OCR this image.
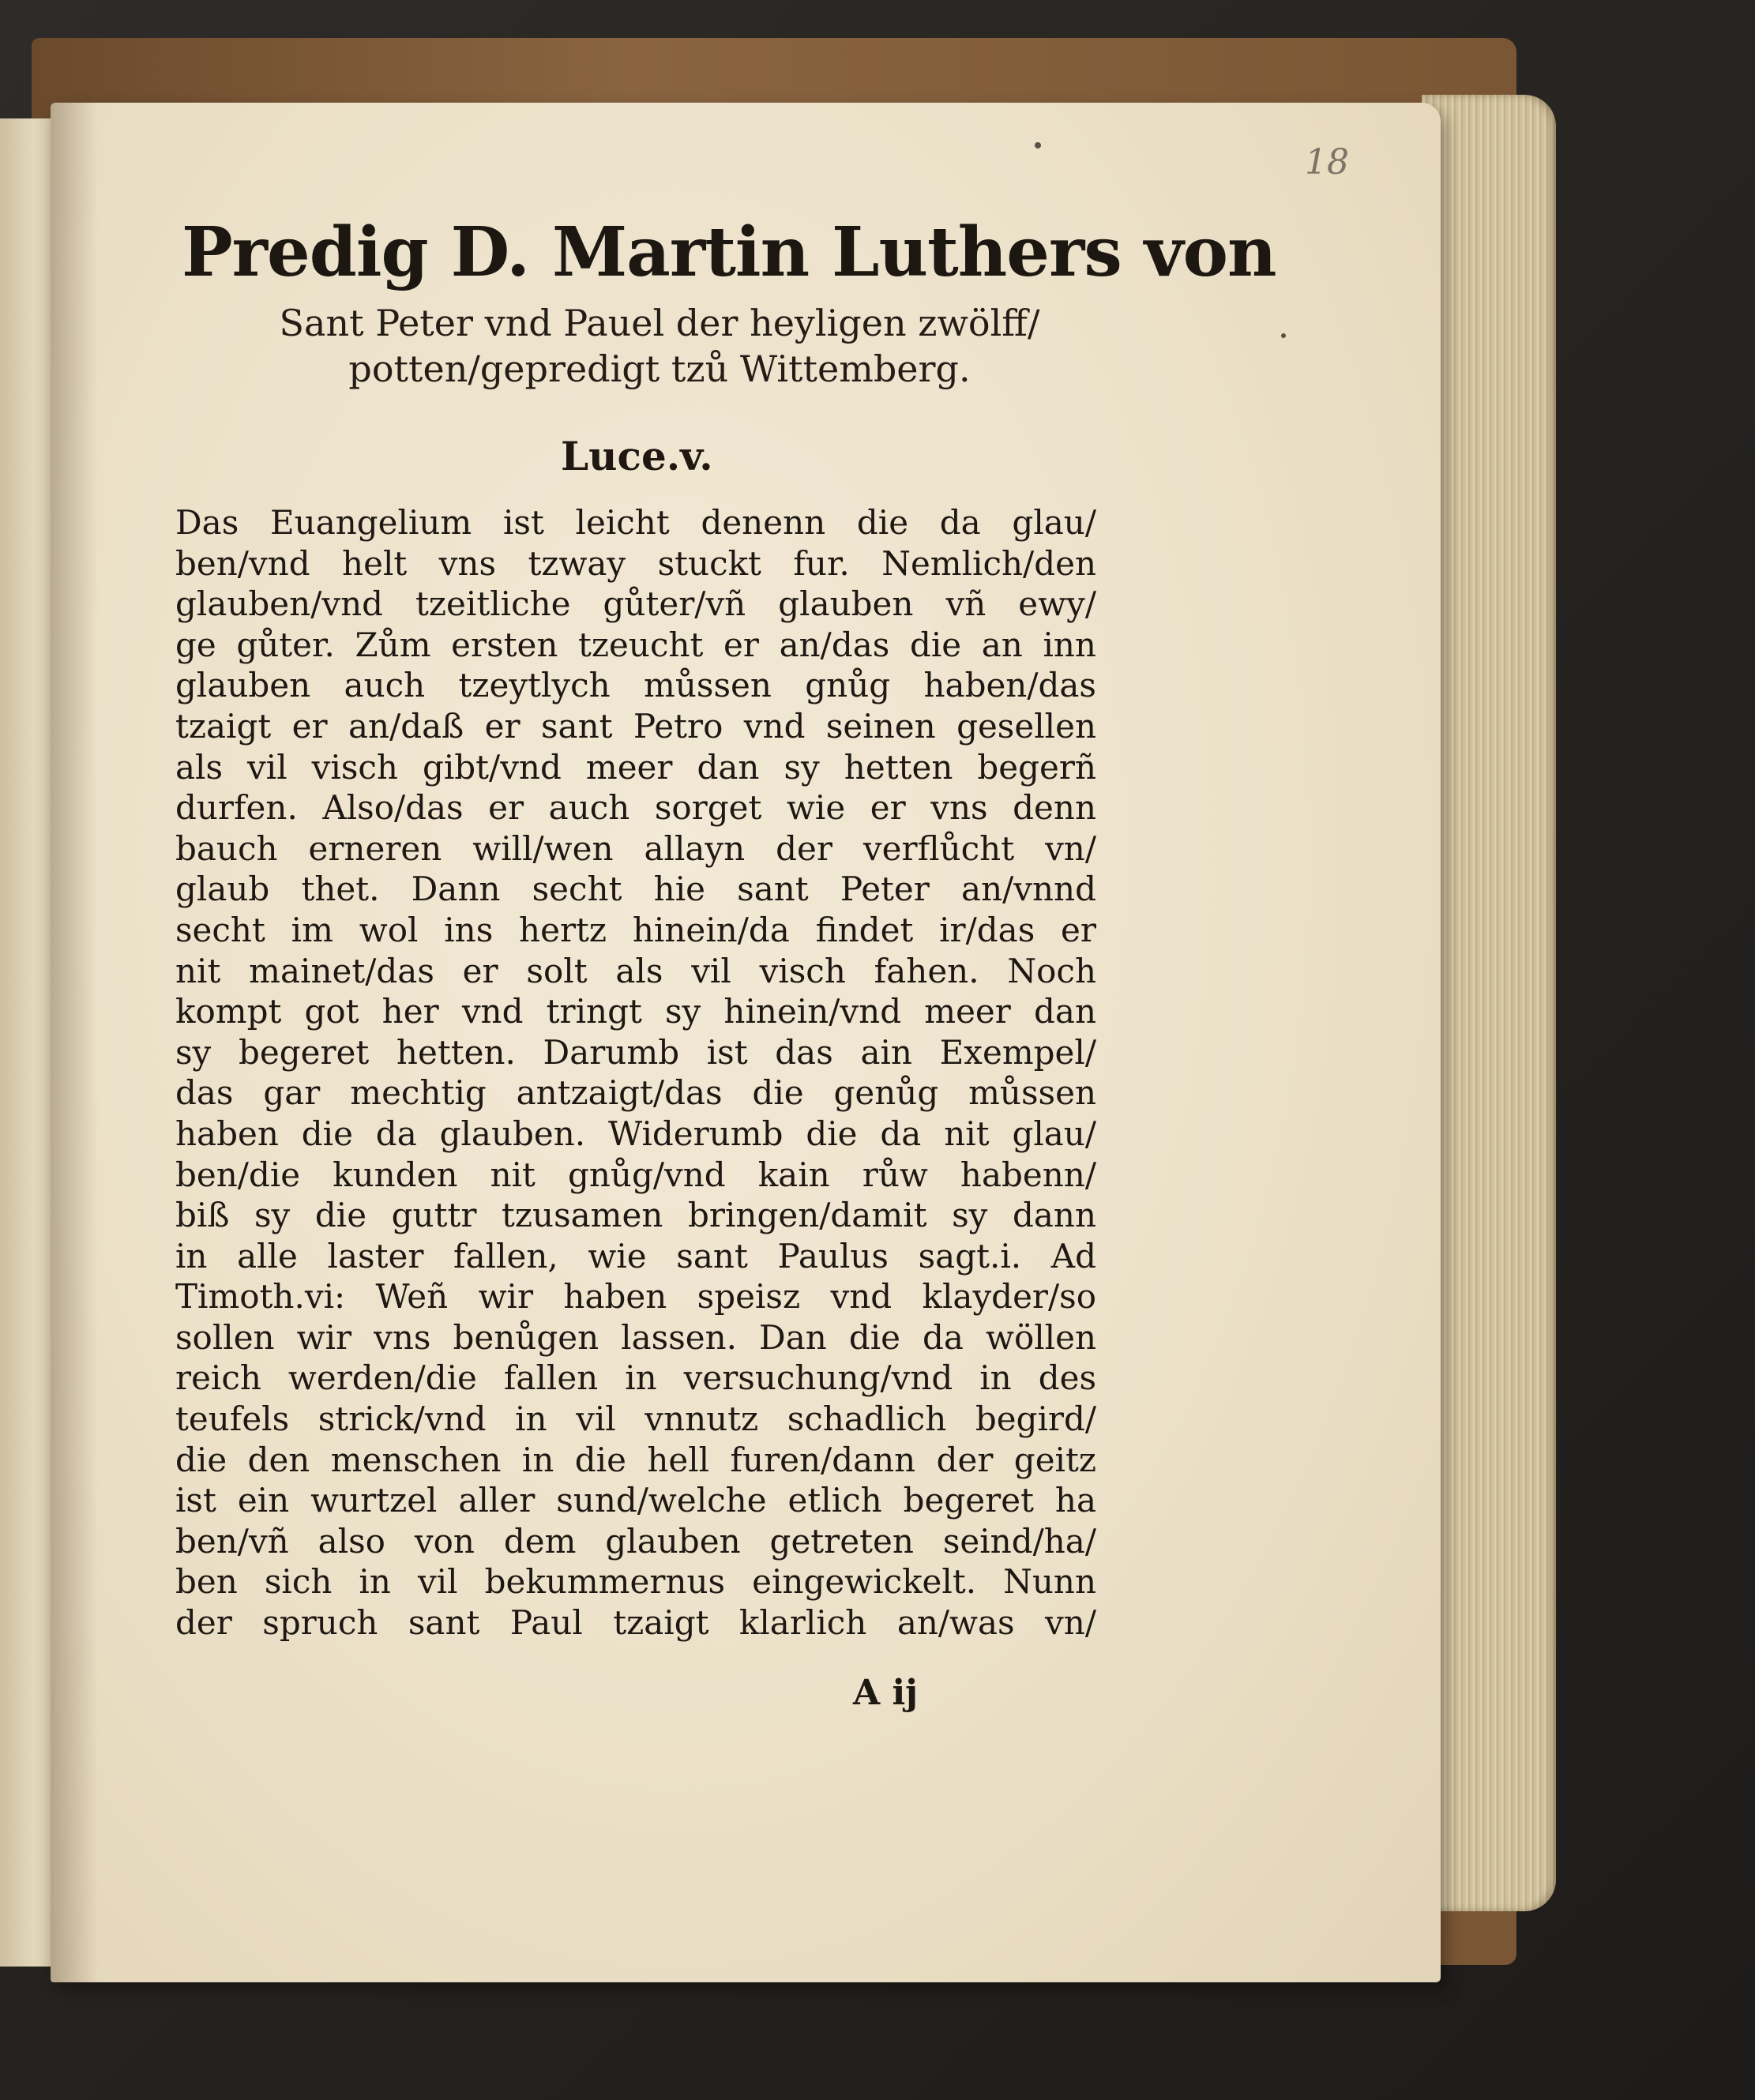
18
Predig D. Martin Luthers von
Sant Peter vnd Pauel der heyligen zwölff/
potten/gepredigt tzů Wittemberg.
Luce.v.
Das Euangelium ist leicht denenn die da glau/
ben/vnd helt vns tzway stuckt fur. Nemlich/den
glauben/vnd tzeitliche gůter/vñ glauben vñ ewy/
ge gůter. Zům ersten tzeucht er an/das die an inn
glauben auch tzeytlych můssen gnůg haben/das
tzaigt er an/daß er sant Petro vnd seinen gesellen
als vil visch gibt/vnd meer dan sy hetten begerñ
durfen. Also/das er auch sorget wie er vns denn
bauch erneren will/wen allayn der verflůcht vn/
glaub thet. Dann secht hie sant Peter an/vnnd
secht im wol ins hertz hinein/da findet ir/das er
nit mainet/das er solt als vil visch fahen. Noch
kompt got her vnd tringt sy hinein/vnd meer dan
sy begeret hetten. Darumb ist das ain Exempel/
das gar mechtig antzaigt/das die genůg můssen
haben die da glauben. Widerumb die da nit glau/
ben/die kunden nit gnůg/vnd kain růw habenn/
biß sy die guttr tzusamen bringen/damit sy dann
in alle laster fallen, wie sant Paulus sagt.i. Ad
Timoth.vi: Weñ wir haben speisz vnd klayder/so
sollen wir vns benůgen lassen. Dan die da wöllen
reich werden/die fallen in versuchung/vnd in des
teufels strick/vnd in vil vnnutz schadlich begird/
die den menschen in die hell furen/dann der geitz
ist ein wurtzel aller sund/welche etlich begeret ha
ben/vñ also von dem glauben getreten seind/ha/
ben sich in vil bekummernus eingewickelt. Nunn
der spruch sant Paul tzaigt klarlich an/was vn/
A ij
